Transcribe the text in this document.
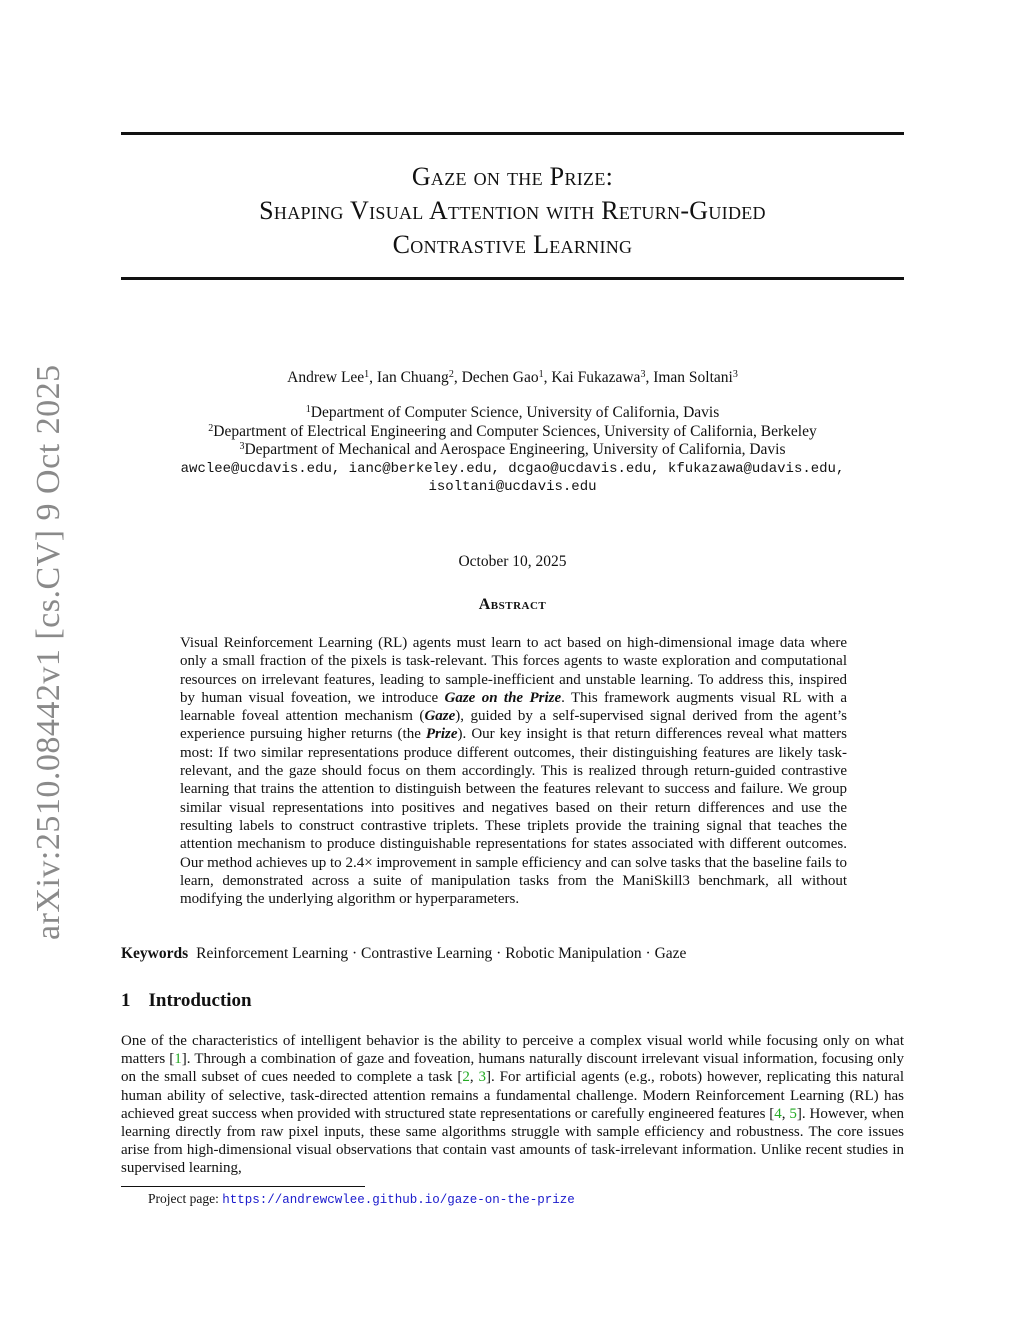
arXiv:2510.08442v1 [cs.CV] 9 Oct 2025
Gaze on the Prize:
Shaping Visual Attention with Return-Guided
Contrastive Learning
Andrew Lee$^1$, Ian Chuang$^2$, Dechen Gao$^1$, Kai Fukazawa$^3$, Iman Soltani$^3$
$^1$Department of Computer Science, University of California, Davis
$^2$Department of Electrical Engineering and Computer Sciences, University of California, Berkeley
$^3$Department of Mechanical and Aerospace Engineering, University of California, Davis
awclee@ucdavis.edu, ianc@berkeley.edu, dcgao@ucdavis.edu, kfukazawa@udavis.edu,
isoltani@ucdavis.edu
October 10, 2025
Abstract
Visual Reinforcement Learning (RL) agents must learn to act based on high-dimensional image data where only a small fraction of the pixels is task-relevant. This forces agents to waste exploration and computational resources on irrelevant features, leading to sample-inefficient and unstable learning. To address this, inspired by human visual foveation, we introduce Gaze on the Prize. This framework augments visual RL with a learnable foveal attention mechanism (Gaze), guided by a self-supervised signal derived from the agent’s experience pursuing higher returns (the Prize). Our key insight is that return differences reveal what matters most: If two similar representations produce different outcomes, their distinguishing features are likely task-relevant, and the gaze should focus on them accordingly. This is realized through return-guided contrastive learning that trains the attention to distinguish between the features relevant to success and failure. We group similar visual representations into positives and negatives based on their return differences and use the resulting labels to construct contrastive triplets. These triplets provide the training signal that teaches the attention mechanism to produce distinguishable representations for states associated with different outcomes. Our method achieves up to 2.4× improvement in sample efficiency and can solve tasks that the baseline fails to learn, demonstrated across a suite of manipulation tasks from the ManiSkill3 benchmark, all without modifying the underlying algorithm or hyperparameters.
Keywords Reinforcement Learning · Contrastive Learning · Robotic Manipulation · Gaze
1 Introduction
One of the characteristics of intelligent behavior is the ability to perceive a complex visual world while focusing only on what matters [1]. Through a combination of gaze and foveation, humans naturally discount irrelevant visual information, focusing only on the small subset of cues needed to complete a task [2, 3]. For artificial agents (e.g., robots) however, replicating this natural human ability of selective, task-directed attention remains a fundamental challenge. Modern Reinforcement Learning (RL) has achieved great success when provided with structured state representations or carefully engineered features [4, 5]. However, when learning directly from raw pixel inputs, these same algorithms struggle with sample efficiency and robustness. The core issues arise from high-dimensional visual observations that contain vast amounts of task-irrelevant information. Unlike recent studies in supervised learning,
Project page: https://andrewcwlee.github.io/gaze-on-the-prize
